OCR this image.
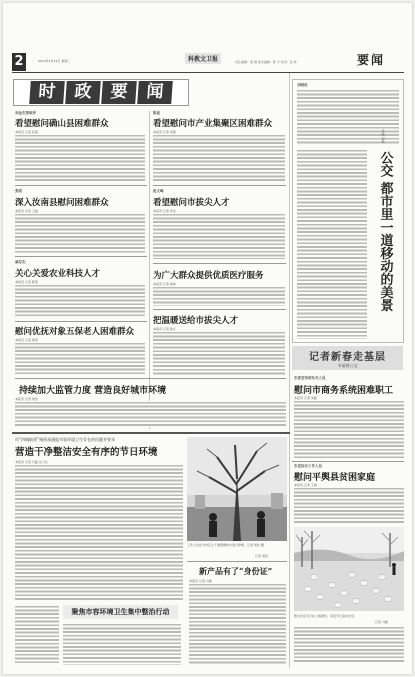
2	科教文卫报
2013年2月12日 星期二	责任编辑：黄 晨 美术编辑：陈 宁 校对：张 林	要闻
时	政	要	闻
刘金杰等领导
看望慰问确山县困难群众
本报讯 记者 张超
陈星
看望慰问市产业集聚区困难群众
本报讯 记者 刘燕
张明
深入汝南县慰问困难群众
本报讯 记者 王磊
赵文峰
看望慰问市拔尖人才
本报讯 记者 李杰
戚存杰
关心关爱农业科技人才
本报讯 记者 陈燕
为广大群众提供优质医疗服务
本报讯 记者 杨林
把温暖送给市拔尖人才
本报讯 记者 孙红
慰问优抚对象五保老人困难群众
本报讯 记者 黄涛
持续加大监管力度 营造良好城市环境
本报讯 记者 周岩
市“四城联创”指挥部通报市容环境卫生存在的问题并要求
营造干净整洁安全有序的节日环境
本报讯 记者 马磊 实习生
聚焦市容环境卫生集中整治行动
工作人员在对市区主干道两侧树木进行修剪。记者 周岩 摄
记者 周岩
新产品有了“身份证”
本报讯 记者 马骏
刘晓辰
公交 都市里一道移动的美景
文/图 刘俊
记者新春走基层
节前探公交
市委宣传部有关人员
慰问市商务系统困难职工
本报讯 记者 刘婕
市直综合工作人员
慰问平舆县贫困家庭
本报讯 记者 王晨
图为市民冬日在公园游玩，享受节日美好时光。
记者 马骏
